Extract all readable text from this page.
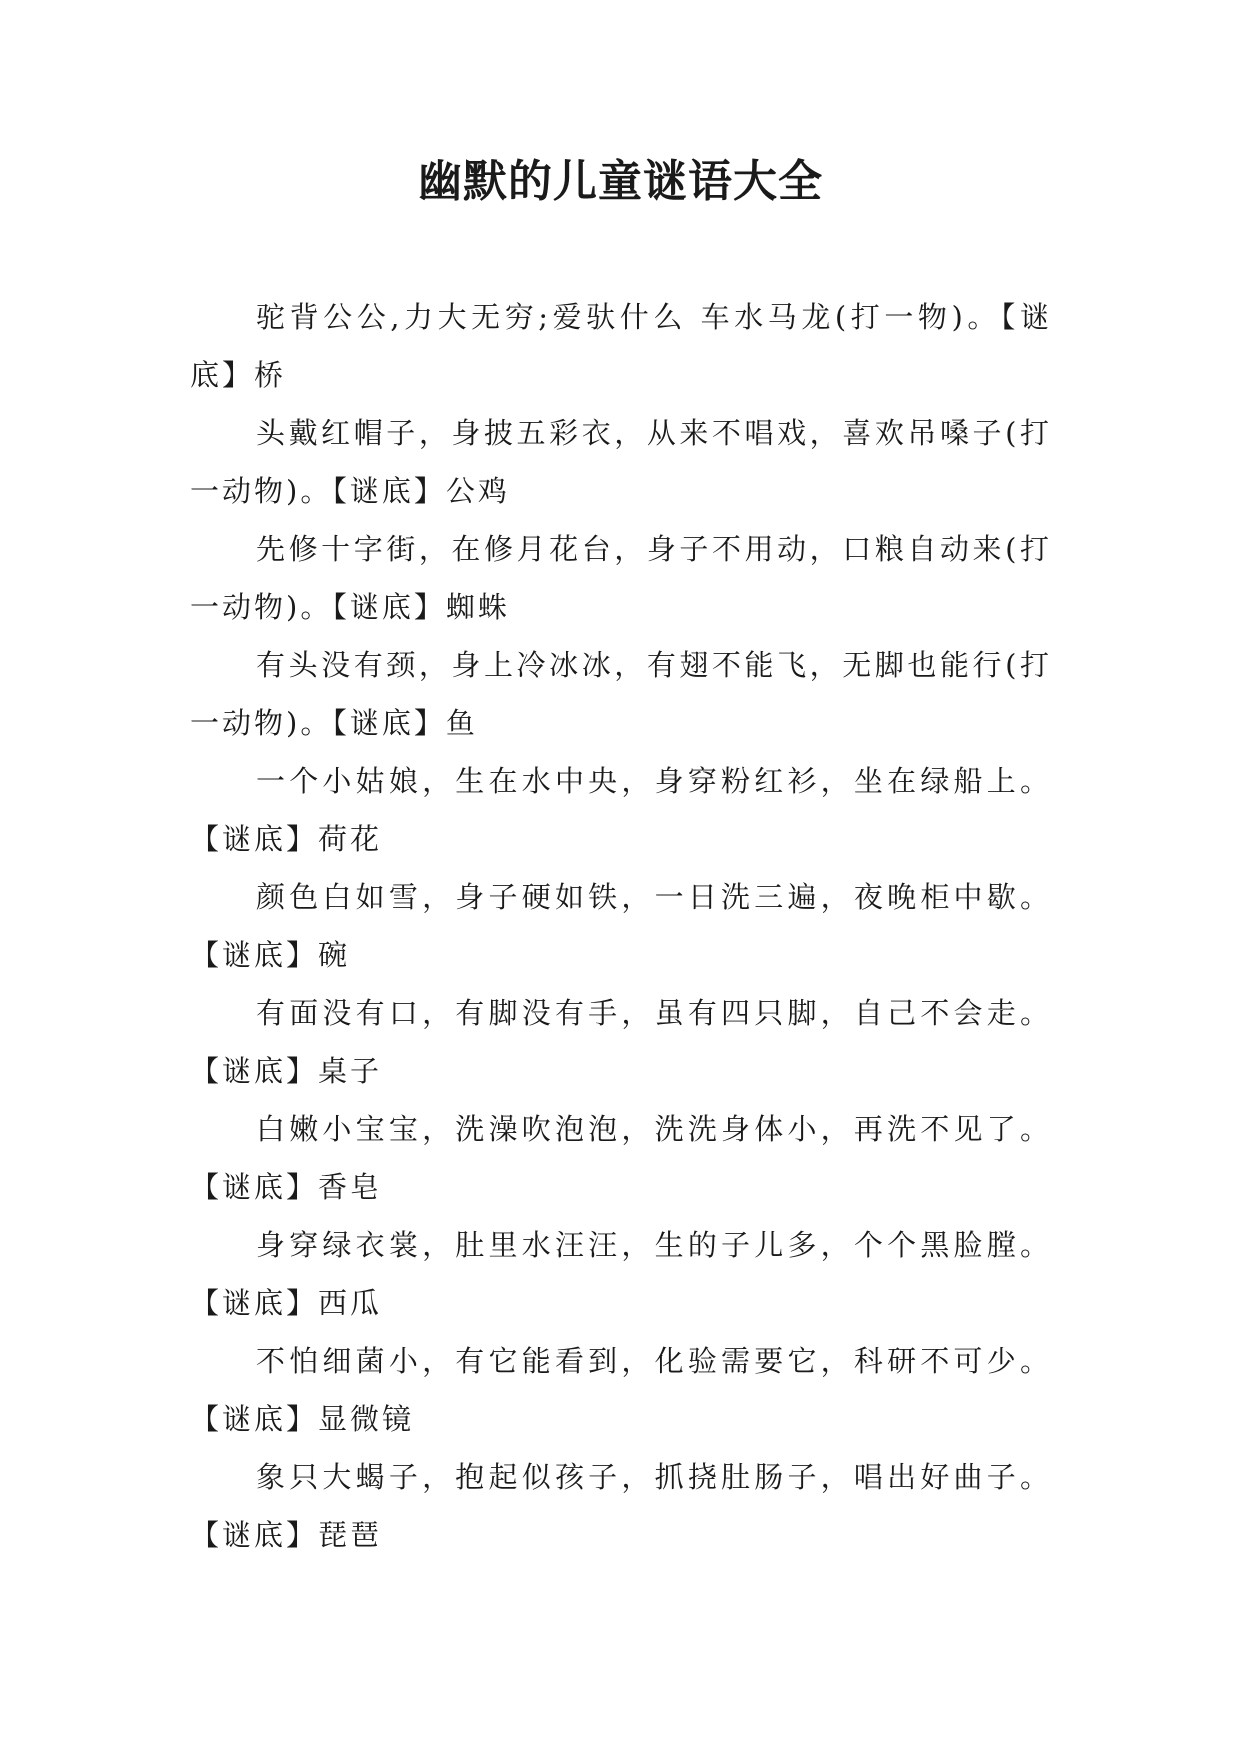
幽默的儿童谜语大全

驼背公公,力大无穷;爱驮什么 车水马龙(打一物)。【谜底】桥

头戴红帽子，身披五彩衣，从来不唱戏，喜欢吊嗓子(打一动物)。【谜底】公鸡

先修十字街，在修月花台，身子不用动，口粮自动来(打一动物)。【谜底】蜘蛛

有头没有颈，身上冷冰冰，有翅不能飞，无脚也能行(打一动物)。【谜底】鱼

一个小姑娘，生在水中央，身穿粉红衫，坐在绿船上。【谜底】荷花

颜色白如雪，身子硬如铁，一日洗三遍，夜晚柜中歇。【谜底】碗

有面没有口，有脚没有手，虽有四只脚，自己不会走。【谜底】桌子

白嫩小宝宝，洗澡吹泡泡，洗洗身体小，再洗不见了。【谜底】香皂

身穿绿衣裳，肚里水汪汪，生的子儿多，个个黑脸膛。【谜底】西瓜

不怕细菌小，有它能看到，化验需要它，科研不可少。【谜底】显微镜

象只大蝎子，抱起似孩子，抓挠肚肠子，唱出好曲子。【谜底】琵琶
